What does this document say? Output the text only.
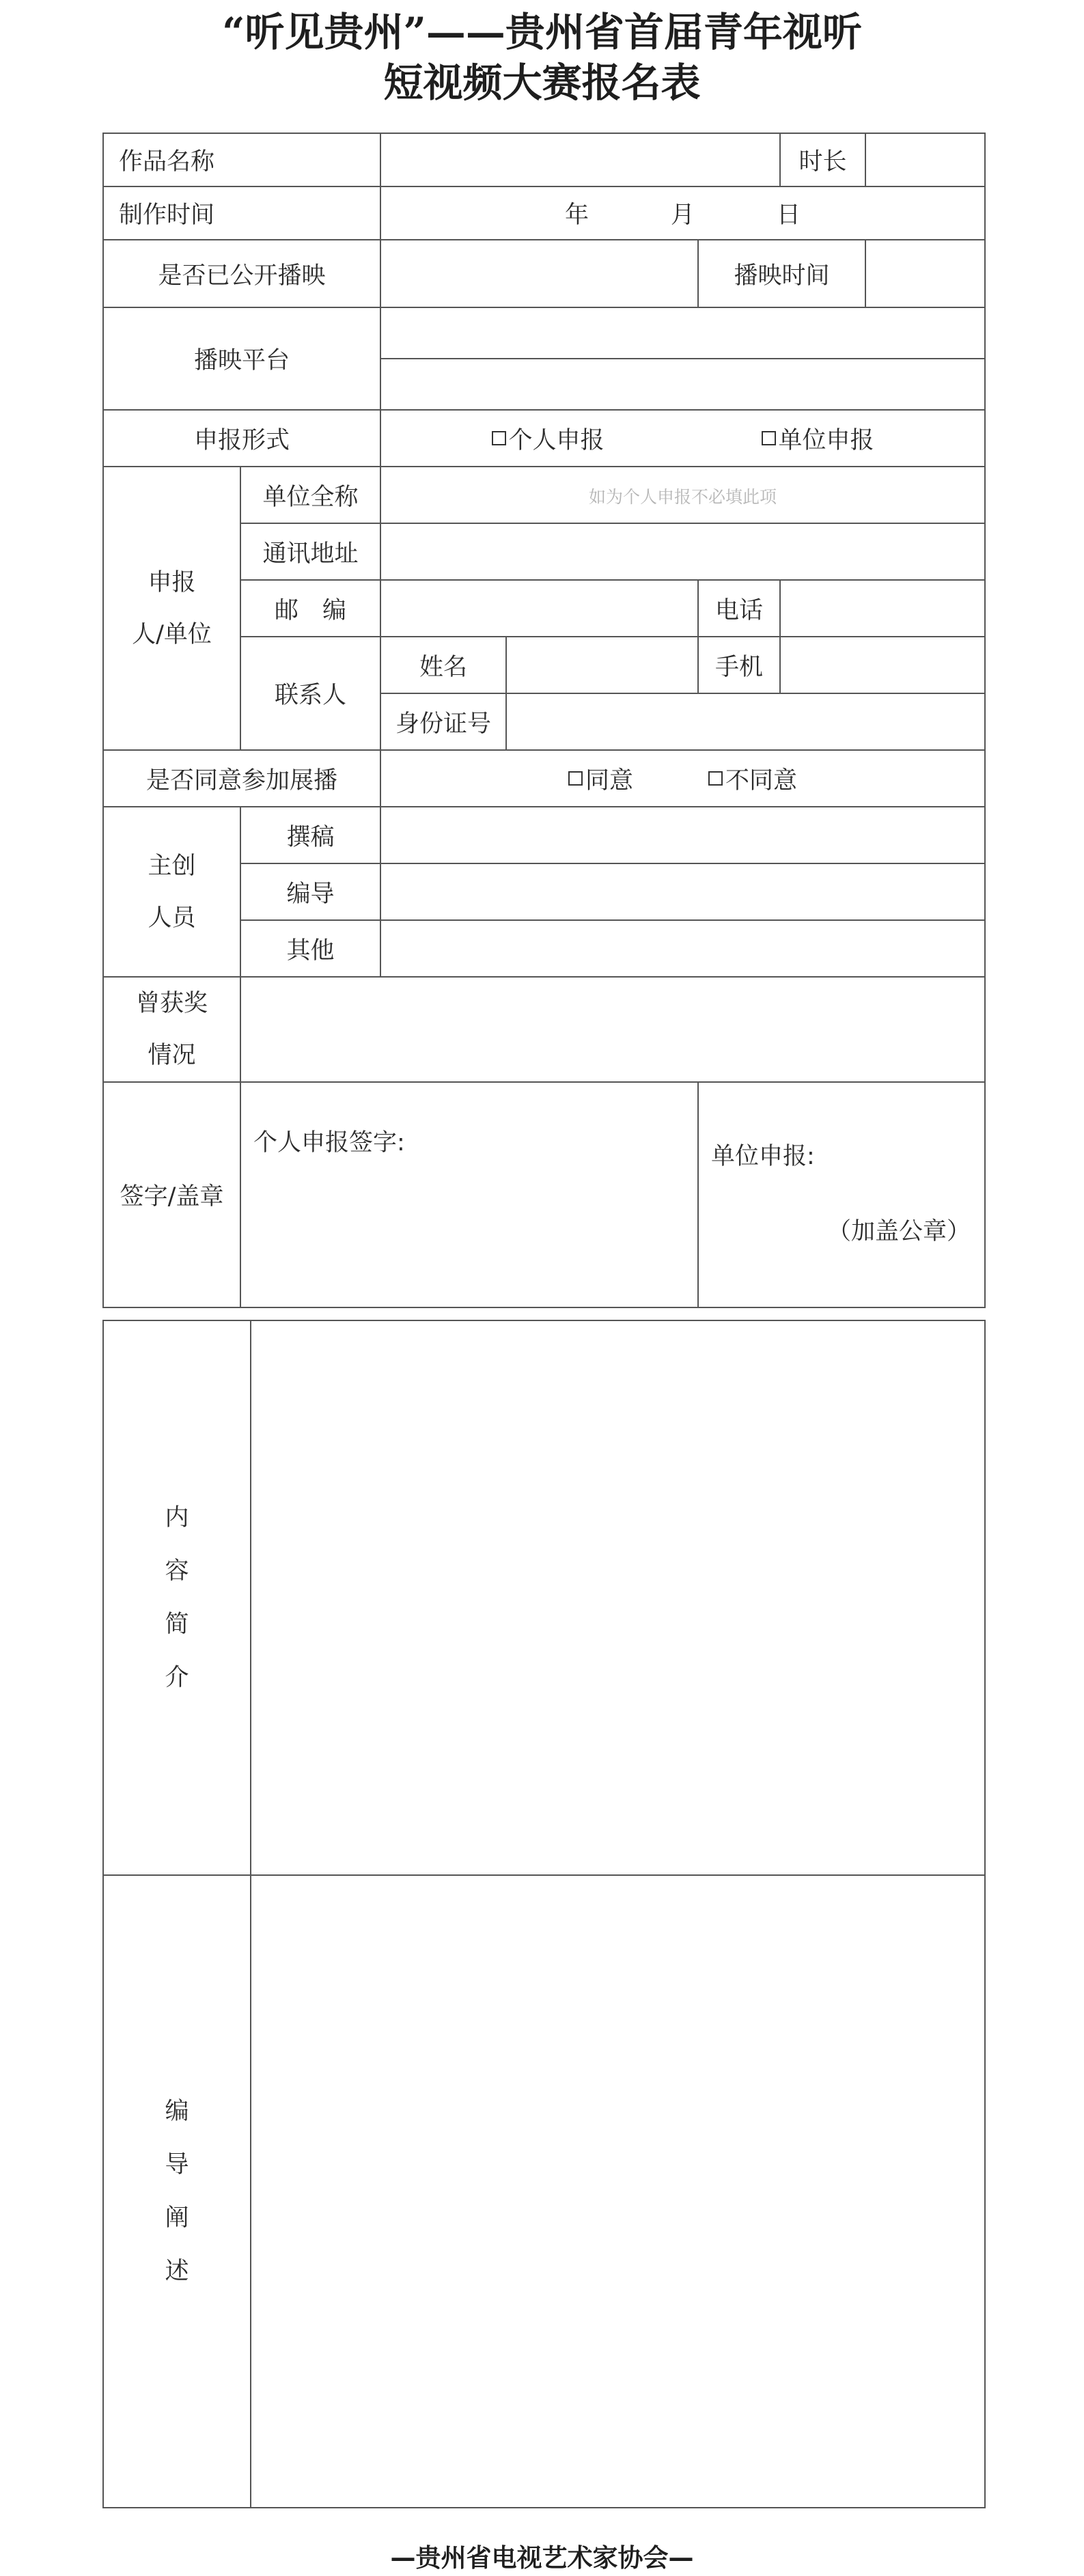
“听见贵州”——贵州省首届青年视听
短视频大赛报名表
作品名称					时长	
制作时间		年 月 日				
是否已公开播映				播映时间		
播映平台						

申报形式		个人申报 单位申报				

申报
人/单位	单位全称	如为个人申报不必填此项				
	通讯地址					
	邮　编			电话		
	联系人	姓名		手机		
		身份证号				
是否同意参加展播		同意 不同意				

主创
人员	撰稿					
	编导					
	其他					

曾获奖
情况						

签字/盖章	个人申报签字:			单位申报:
（加盖公章）		
内
容
简
介	

编
导
阐
述	

—贵州省电视艺术家协会—
